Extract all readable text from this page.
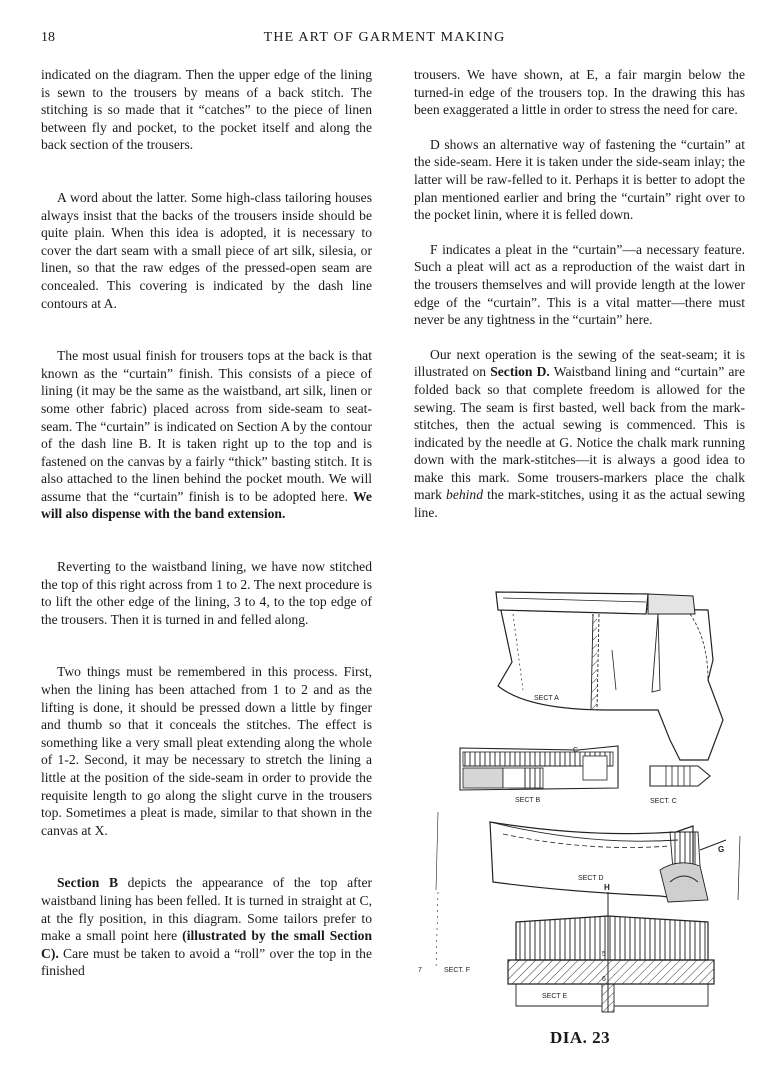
18	THE ART OF GARMENT MAKING

indicated on the diagram. Then the upper edge of the lining is sewn to the trousers by means of a back stitch. The stitching is so made that it “catches” to the piece of linen between fly and pocket, to the pocket itself and along the back section of the trousers.

A word about the latter. Some high-class tailoring houses always insist that the backs of the trousers inside should be quite plain. When this idea is adopted, it is necessary to cover the dart seam with a small piece of art silk, silesia, or linen, so that the raw edges of the pressed-open seam are concealed. This covering is indicated by the dash line contours at A.

The most usual finish for trousers tops at the back is that known as the “curtain” finish. This consists of a piece of lining (it may be the same as the waistband, art silk, linen or some other fabric) placed across from side-seam to seat-seam. The “curtain” is indicated on Section A by the contour of the dash line B. It is taken right up to the top and is fastened on the canvas by a fairly “thick” basting stitch. It is also attached to the linen behind the pocket mouth. We will assume that the “curtain” finish is to be adopted here. We will also dispense with the band extension.

Reverting to the waistband lining, we have now stitched the top of this right across from 1 to 2. The next procedure is to lift the other edge of the lining, 3 to 4, to the top edge of the trousers. Then it is turned in and felled along.

Two things must be remembered in this process. First, when the lining has been attached from 1 to 2 and as the lifting is done, it should be pressed down a little by finger and thumb so that it conceals the stitches. The effect is something like a very small pleat extending along the whole of 1-2. Second, it may be necessary to stretch the lining a little at the position of the side-seam in order to provide the requisite length to go along the slight curve in the trousers top. Sometimes a pleat is made, similar to that shown in the canvas at X.

Section B depicts the appearance of the top after waistband lining has been felled. It is turned in straight at C, at the fly position, in this diagram. Some tailors prefer to make a small point here (illustrated by the small Section C). Care must be taken to avoid a “roll” over the top in the finished

trousers. We have shown, at E, a fair margin below the turned-in edge of the trousers top. In the drawing this has been exaggerated a little in order to stress the need for care.

D shows an alternative way of fastening the “curtain” at the side-seam. Here it is taken under the side-seam inlay; the latter will be raw-felled to it. Perhaps it is better to adopt the plan mentioned earlier and bring the “curtain” right over to the pocket linin, where it is felled down.

F indicates a pleat in the “curtain”—a necessary feature. Such a pleat will act as a reproduction of the waist dart in the trousers themselves and will provide length at the lower edge of the “curtain”. This is a vital matter—there must never be any tightness in the “curtain” here.

Our next operation is the sewing of the seat-seam; it is illustrated on Section D. Waistband lining and “curtain” are folded back so that complete freedom is allowed for the sewing. The seam is first basted, well back from the mark-stitches, then the actual sewing is commenced. This is indicated by the needle at G. Notice the chalk mark running down with the mark-stitches—it is always a good idea to make this mark. Some trousers-markers place the chalk mark behind the mark-stitches, using it as the actual sewing line.

SECT A
C
SECT B	SECT. C
G
SECT D
H
5
6
7	SECT. F
SECT E
DIA. 23
